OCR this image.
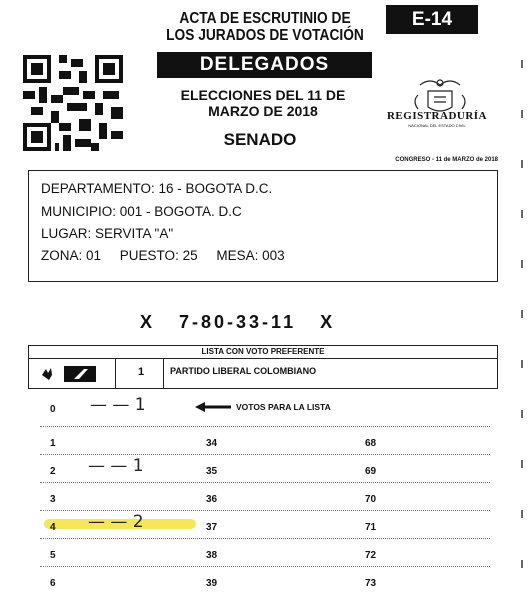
ACTA DE ESCRUTINIO DE
LOS JURADOS DE VOTACIÓN
DELEGADOS
E-14
ELECCIONES DEL 11 DE
MARZO DE 2018
SENADO
REGISTRADURÍA
NACIONAL DEL ESTADO CIVIL
CONGRESO - 11 de MARZO de 2018
DEPARTAMENTO: 16 - BOGOTA D.C.
MUNICIPIO: 001 - BOGOTA. D.C
LUGAR: SERVITA "A"
ZONA: 01 PUESTO: 25 MESA: 003
X   7-80-33-11   X
LISTA CON VOTO PREFERENTE
1	PARTIDO LIBERAL COLOMBIANO
0 — — 1	VOTOS PARA LA LISTA
1	34	68
2 — — 1	35	69
3	36	70
4 — — 2	37	71
5	38	72
6	39	73
